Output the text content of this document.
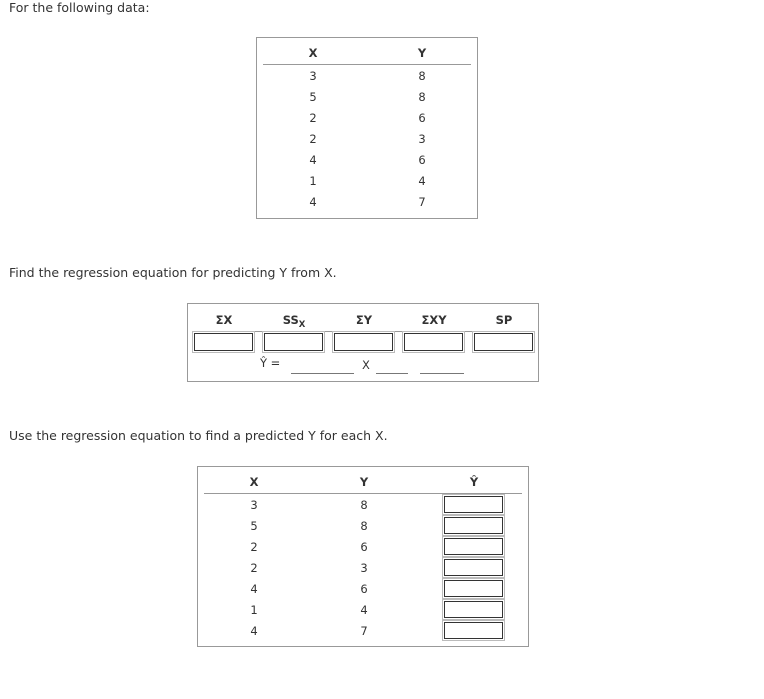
For the following data:
X	Y
3	8
5	8
2	6
2	3
4	6
1	4
4	7
Find the regression equation for predicting Y from X.
ΣX	$SS_X$	ΣY	ΣXY	SP
Ŷ =	X
Use the regression equation to find a predicted Y for each X.
X	Y	Ŷ
3	8
5	8
2	6
2	3
4	6
1	4
4	7
